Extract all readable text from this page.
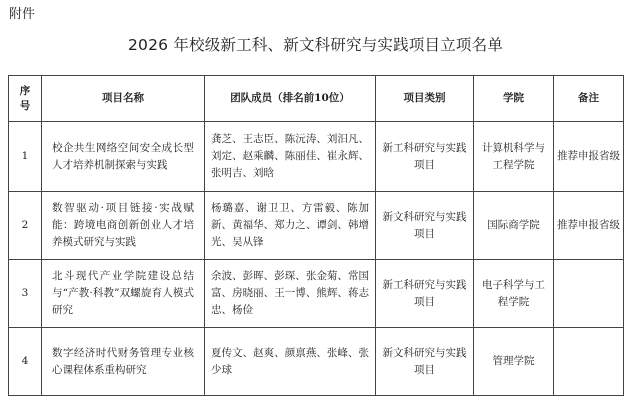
附件
2026 年校级新工科、新文科研究与实践项目立项名单
序
号	项目名称	团队成员（排名前10位）	项目类别	学院	备注
1	校企共生网络空间安全成长型人才培养机制探索与实践	龚芝、王志臣、陈沅涛、刘汨凡、刘定、赵乘麟、陈丽佳、崔永辉、张明吉、刘晗	新工科研究与实践项目	计算机科学与工程学院	推荐申报省级
2	数智驱动·项目链接·实战赋能：跨境电商创新创业人才培养模式研究与实践	杨璐嘉、谢卫卫、方雷毅、陈加新、黄福华、郑力之、谭剑、韩增光、吴从锋	新文科研究与实践项目	国际商学院	推荐申报省级
3	北斗现代产业学院建设总结与“产教·科教”双螺旋育人模式研究	余波、彭晖、彭琛、张金菊、常国富、房晓丽、王一博、熊辉、蒋志忠、杨俭	新工科研究与实践项目	电子科学与工程学院	
4	数字经济时代财务管理专业核心课程体系重构研究	夏传文、赵爽、颜禀燕、张峰、张少球	新文科研究与实践项目	管理学院	
